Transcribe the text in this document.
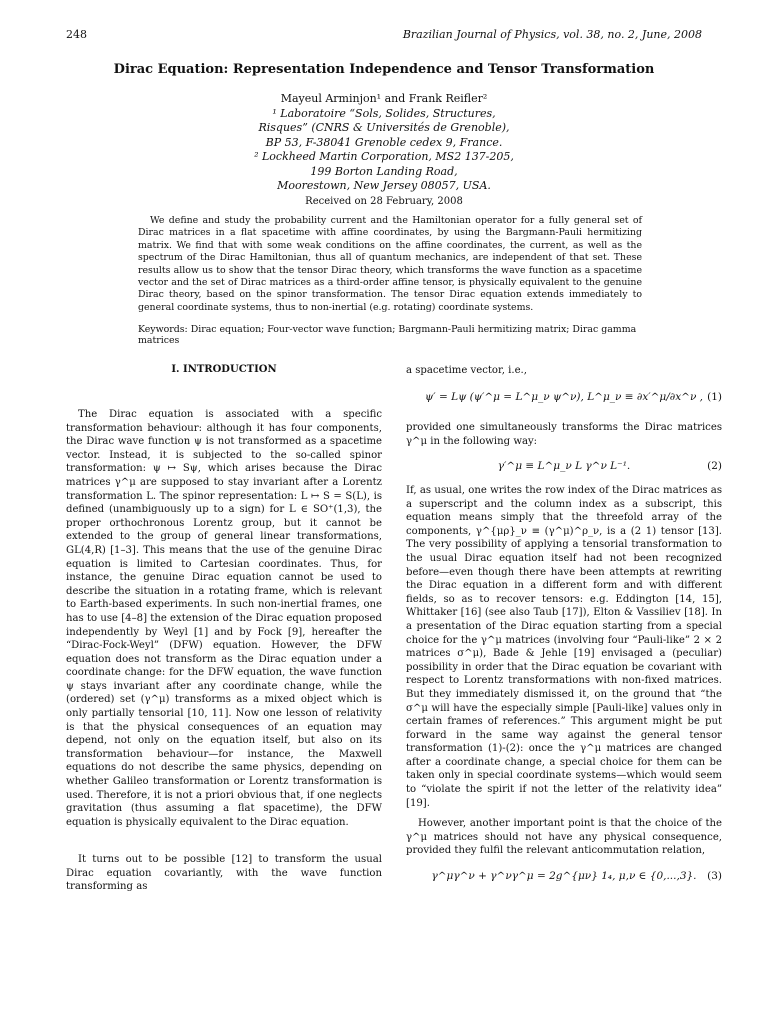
248	Brazilian Journal of Physics, vol. 38, no. 2, June, 2008
Dirac Equation: Representation Independence and Tensor Transformation
Mayeul Arminjon¹ and Frank Reifler²
¹ Laboratoire “Sols, Solides, Structures,
Risques” (CNRS & Universités de Grenoble),
BP 53, F-38041 Grenoble cedex 9, France.
² Lockheed Martin Corporation, MS2 137-205,
199 Borton Landing Road,
Moorestown, New Jersey 08057, USA.
Received on 28 February, 2008

We define and study the probability current and the Hamiltonian operator for a fully general set of Dirac matrices in a flat spacetime with affine coordinates, by using the Bargmann-Pauli hermitizing matrix. We find that with some weak conditions on the affine coordinates, the current, as well as the spectrum of the Dirac Hamiltonian, thus all of quantum mechanics, are independent of that set. These results allow us to show that the tensor Dirac theory, which transforms the wave function as a spacetime vector and the set of Dirac matrices as a third-order affine tensor, is physically equivalent to the genuine Dirac theory, based on the spinor transformation. The tensor Dirac equation extends immediately to general coordinate systems, thus to non-inertial (e.g. rotating) coordinate systems.

Keywords: Dirac equation; Four-vector wave function; Bargmann-Pauli hermitizing matrix; Dirac gamma matrices
I. INTRODUCTION

The Dirac equation is associated with a specific transformation behaviour: although it has four components, the Dirac wave function ψ is not transformed as a spacetime vector. Instead, it is subjected to the so-called spinor transformation: ψ ↦ Sψ, which arises because the Dirac matrices γ^μ are supposed to stay invariant after a Lorentz transformation L. The spinor representation: L ↦ S = S(L), is defined (unambiguously up to a sign) for L ∈ SO⁺(1,3), the proper orthochronous Lorentz group, but it cannot be extended to the group of general linear transformations, GL(4,R) [1–3]. This means that the use of the genuine Dirac equation is limited to Cartesian coordinates. Thus, for instance, the genuine Dirac equation cannot be used to describe the situation in a rotating frame, which is relevant to Earth-based experiments. In such non-inertial frames, one has to use [4–8] the extension of the Dirac equation proposed independently by Weyl [1] and by Fock [9], hereafter the “Dirac-Fock-Weyl” (DFW) equation. However, the DFW equation does not transform as the Dirac equation under a coordinate change: for the DFW equation, the wave function ψ stays invariant after any coordinate change, while the (ordered) set (γ^μ) transforms as a mixed object which is only partially tensorial [10, 11]. Now one lesson of relativity is that the physical consequences of an equation may depend, not only on the equation itself, but also on its transformation behaviour—for instance, the Maxwell equations do not describe the same physics, depending on whether Galileo transformation or Lorentz transformation is used. Therefore, it is not a priori obvious that, if one neglects gravitation (thus assuming a flat spacetime), the DFW equation is physically equivalent to the Dirac equation.

It turns out to be possible [12] to transform the usual Dirac equation covariantly, with the wave function transforming as

a spacetime vector, i.e.,
ψ′ = Lψ (ψ′^μ = L^μ_ν ψ^ν), L^μ_ν ≡ ∂x′^μ/∂x^ν , (1)

provided one simultaneously transforms the Dirac matrices γ^μ in the following way:

γ′^μ ≡ L^μ_ν L γ^ν L⁻¹.	(2)

If, as usual, one writes the row index of the Dirac matrices as a superscript and the column index as a subscript, this equation means simply that the threefold array of the components, γ^{μρ}_ν ≡ (γ^μ)^ρ_ν, is a (2 1) tensor [13]. The very possibility of applying a tensorial transformation to the usual Dirac equation itself had not been recognized before—even though there have been attempts at rewriting the Dirac equation in a different form and with different fields, so as to recover tensors: e.g. Eddington [14, 15], Whittaker [16] (see also Taub [17]), Elton & Vassiliev [18]. In a presentation of the Dirac equation starting from a special choice for the γ^μ matrices (involving four “Pauli-like” 2 × 2 matrices σ^μ), Bade & Jehle [19] envisaged a (peculiar) possibility in order that the Dirac equation be covariant with respect to Lorentz transformations with non-fixed matrices. But they immediately dismissed it, on the ground that “the σ^μ will have the especially simple [Pauli-like] values only in certain frames of references.” This argument might be put forward in the same way against the general tensor transformation (1)-(2): once the γ^μ matrices are changed after a coordinate change, a special choice for them can be taken only in special coordinate systems—which would seem to “violate the spirit if not the letter of the relativity idea” [19].

However, another important point is that the choice of the γ^μ matrices should not have any physical consequence, provided they fulfil the relevant anticommutation relation,

γ^μγ^ν + γ^νγ^μ = 2g^{μν} 1₄, μ,ν ∈ {0,...,3}. (3)
